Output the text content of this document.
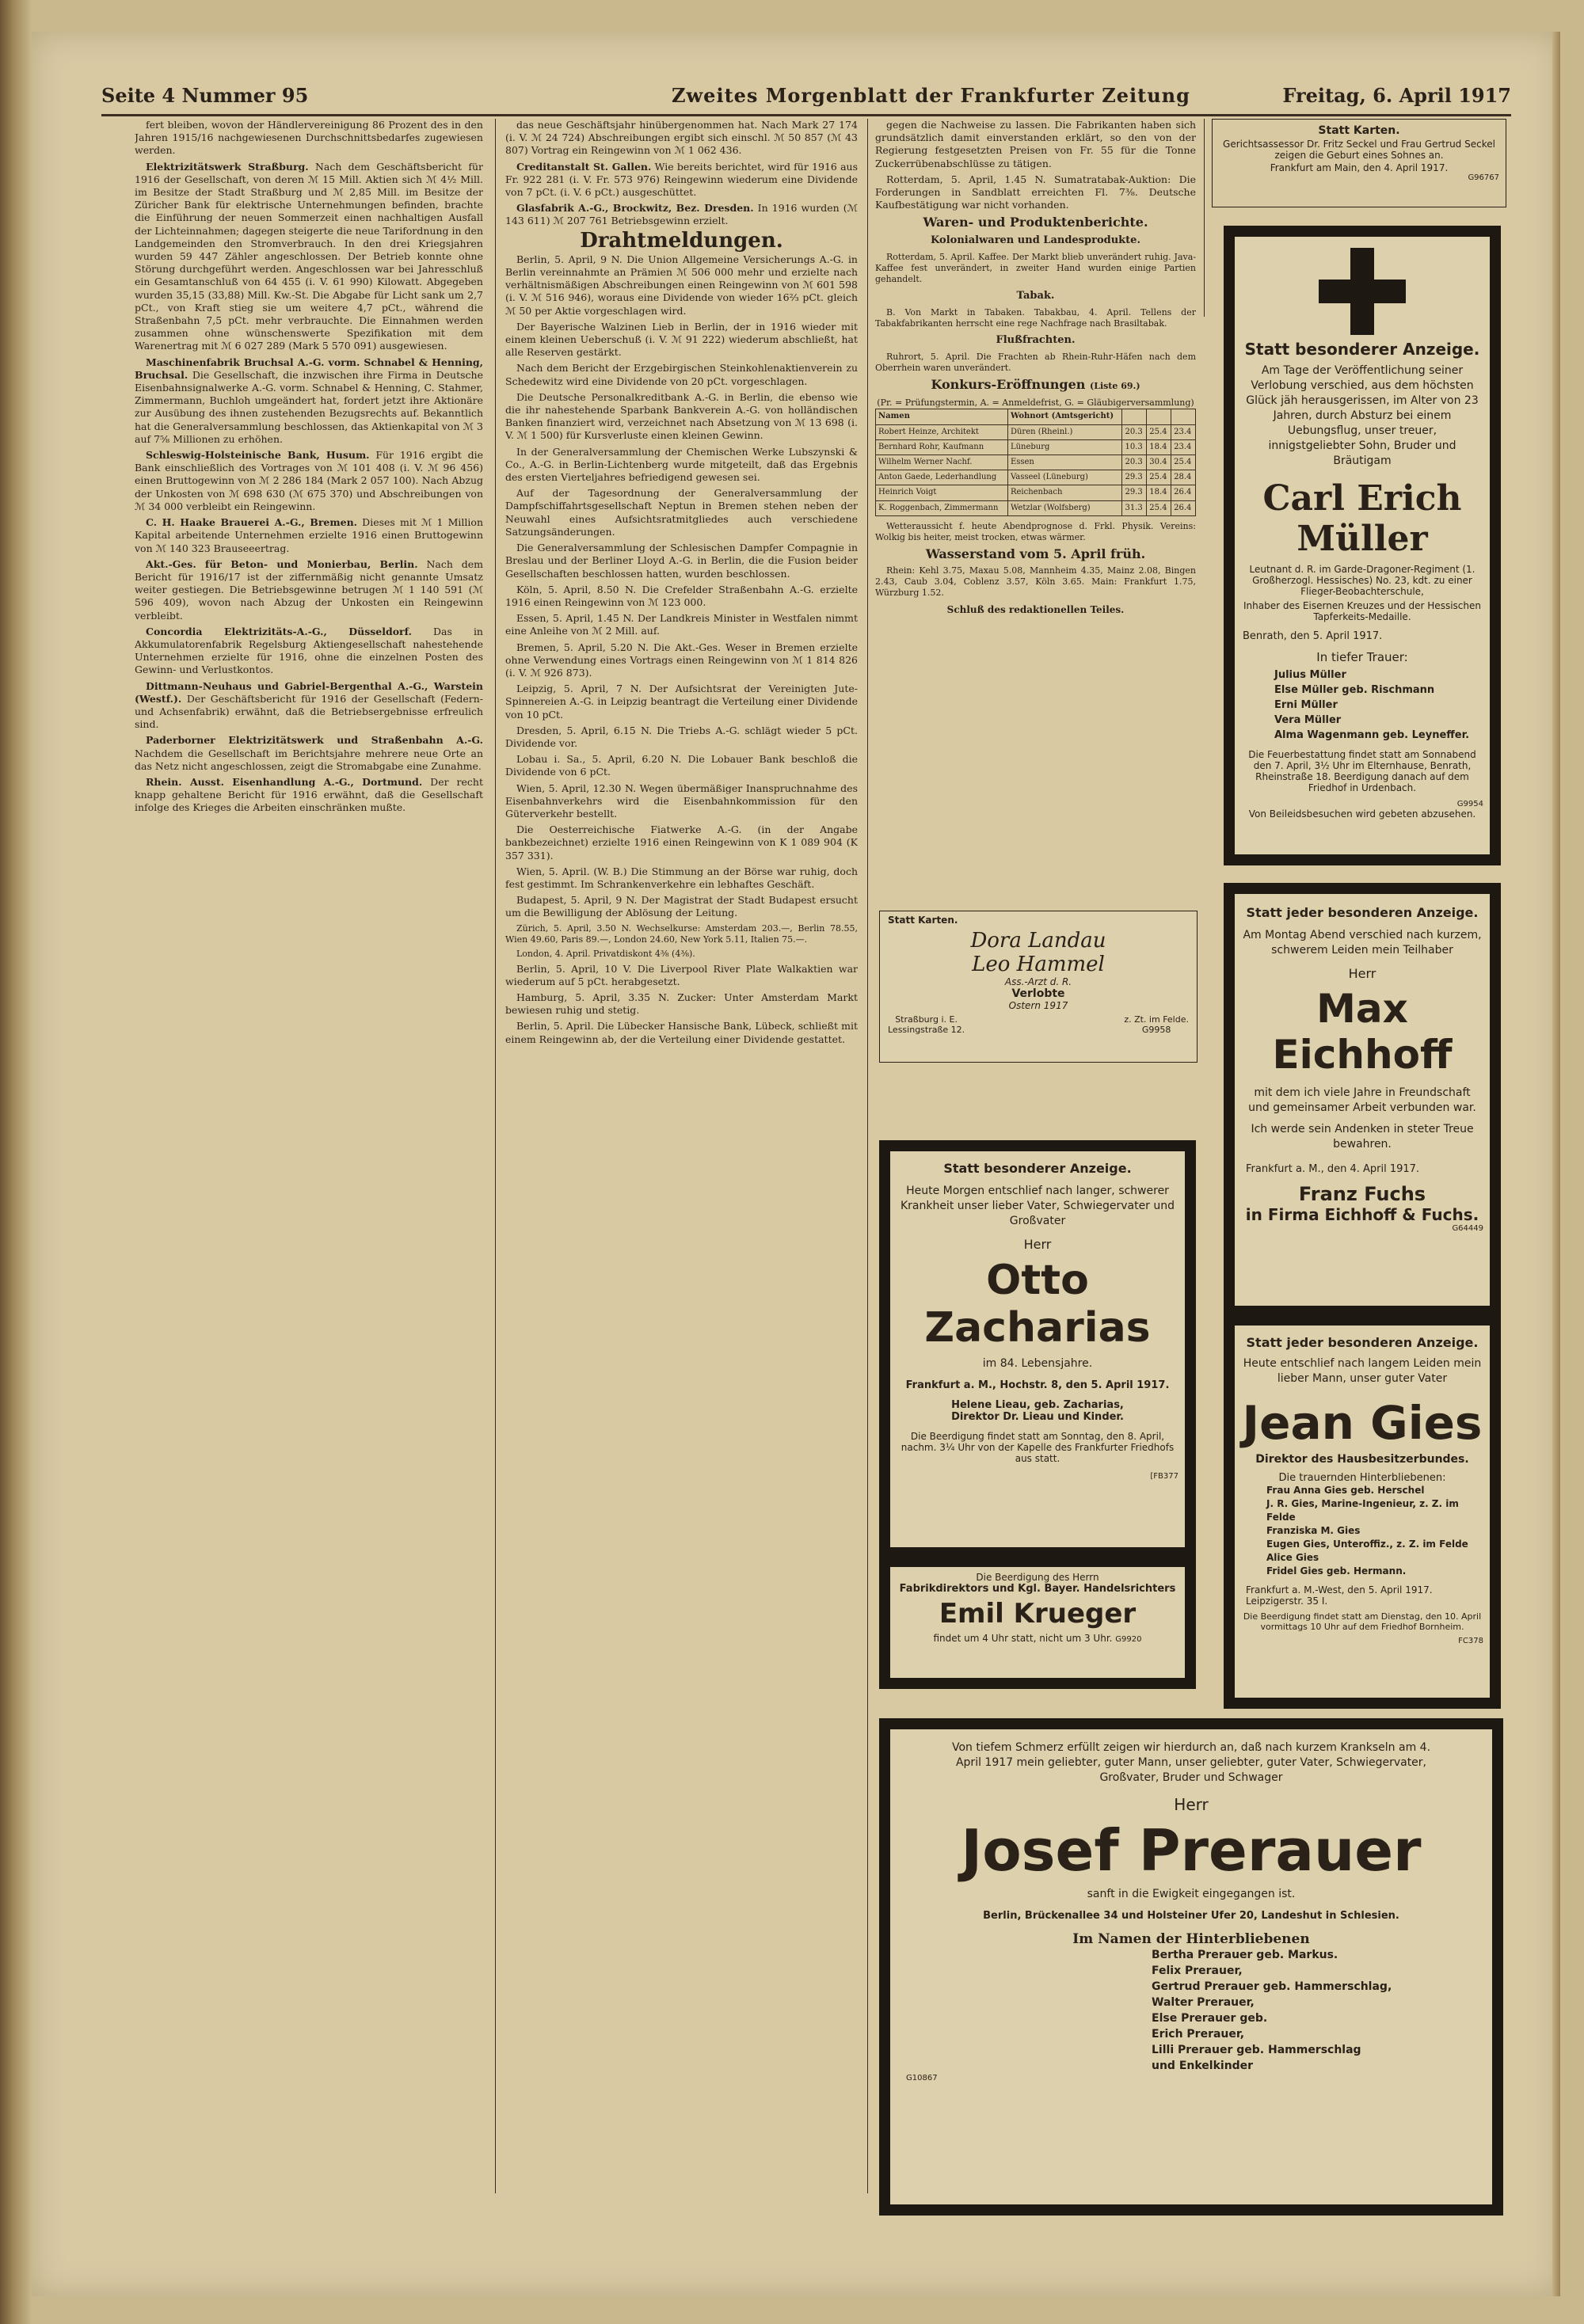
Seite 4 Nummer 95	Zweites Morgenblatt der Frankfurter Zeitung	Freitag, 6. April 1917

fert bleiben, wovon der Händlervereinigung 86 Prozent des in den Jahren 1915/16 nachgewiesenen Durchschnittsbedarfes zugewiesen werden.

Elektrizitätswerk Straßburg. Nach dem Geschäftsbericht für 1916 der Gesellschaft, von deren ℳ 15 Mill. Aktien sich ℳ 4½ Mill. im Besitze der Stadt Straßburg und ℳ 2,85 Mill. im Besitze der Züricher Bank für elektrische Unternehmungen befinden, brachte die Einführung der neuen Sommerzeit einen nachhaltigen Ausfall der Lichteinnahmen; dagegen steigerte die neue Tarifordnung in den Landgemeinden den Stromverbrauch. In den drei Kriegsjahren wurden 59 447 Zähler angeschlossen. Der Betrieb konnte ohne Störung durchgeführt werden. Angeschlossen war bei Jahresschluß ein Gesamtanschluß von 64 455 (i. V. 61 990) Kilowatt. Abgegeben wurden 35,15 (33,88) Mill. Kw.-St. Die Abgabe für Licht sank um 2,7 pCt., von Kraft stieg sie um weitere 4,7 pCt., während die Straßenbahn 7,5 pCt. mehr verbrauchte. Die Einnahmen werden zusammen ohne wünschenswerte Spezifikation mit dem Warenertrag mit ℳ 6 027 289 (Mark 5 570 091) ausgewiesen.

Maschinenfabrik Bruchsal A.-G. vorm. Schnabel & Henning, Bruchsal. Die Gesellschaft, die inzwischen ihre Firma in Deutsche Eisenbahnsignalwerke A.-G. vorm. Schnabel & Henning, C. Stahmer, Zimmermann, Buchloh umgeändert hat, fordert jetzt ihre Aktionäre zur Ausübung des ihnen zustehenden Bezugsrechts auf. Bekanntlich hat die Generalversammlung beschlossen, das Aktienkapital von ℳ 3 auf 7⅝ Millionen zu erhöhen.

Schleswig-Holsteinische Bank, Husum. Für 1916 ergibt die Bank einschließlich des Vortrages von ℳ 101 408 (i. V. ℳ 96 456) einen Bruttogewinn von ℳ 2 286 184 (Mark 2 057 100). Nach Abzug der Unkosten von ℳ 698 630 (ℳ 675 370) und Abschreibungen von ℳ 34 000 verbleibt ein Reingewinn.

C. H. Haake Brauerei A.-G., Bremen. Dieses mit ℳ 1 Million Kapital arbeitende Unternehmen erzielte 1916 einen Bruttogewinn von ℳ 140 323 Brauseeertrag.

Akt.-Ges. für Beton- und Monierbau, Berlin. Nach dem Bericht für 1916/17 ist der ziffernmäßig nicht genannte Umsatz weiter gestiegen. Die Betriebsgewinne betrugen ℳ 1 140 591 (ℳ 596 409), wovon nach Abzug der Unkosten ein Reingewinn verbleibt.

Concordia Elektrizitäts-A.-G., Düsseldorf. Das in Akkumulatorenfabrik Regelsburg Aktiengesellschaft nahestehende Unternehmen erzielte für 1916, ohne die einzelnen Posten des Gewinn- und Verlustkontos.

Dittmann-Neuhaus und Gabriel-Bergenthal A.-G., Warstein (Westf.). Der Geschäftsbericht für 1916 der Gesellschaft (Federn- und Achsenfabrik) erwähnt, daß die Betriebsergebnisse erfreulich sind.

Paderborner Elektrizitätswerk und Straßenbahn A.-G. Nachdem die Gesellschaft im Berichtsjahre mehrere neue Orte an das Netz nicht angeschlossen, zeigt die Stromabgabe eine Zunahme.

Rhein. Ausst. Eisenhandlung A.-G., Dortmund. Der recht knapp gehaltene Bericht für 1916 erwähnt, daß die Gesellschaft infolge des Krieges die Arbeiten einschränken mußte.

das neue Geschäftsjahr hinübergenommen hat. Nach Mark 27 174 (i. V. ℳ 24 724) Abschreibungen ergibt sich einschl. ℳ 50 857 (ℳ 43 807) Vortrag ein Reingewinn von ℳ 1 062 436.

Creditanstalt St. Gallen. Wie bereits berichtet, wird für 1916 aus Fr. 922 281 (i. V. Fr. 573 976) Reingewinn wiederum eine Dividende von 7 pCt. (i. V. 6 pCt.) ausgeschüttet.

Glasfabrik A.-G., Brockwitz, Bez. Dresden. In 1916 wurden (ℳ 143 611) ℳ 207 761 Betriebsgewinn erzielt.

Drahtmeldungen.

Berlin, 5. April, 9 N. Die Union Allgemeine Versicherungs A.-G. in Berlin vereinnahmte an Prämien ℳ 506 000 mehr und erzielte nach verhältnismäßigen Abschreibungen einen Reingewinn von ℳ 601 598 (i. V. ℳ 516 946), woraus eine Dividende von wieder 16⅔ pCt. gleich ℳ 50 per Aktie vorgeschlagen wird.

Der Bayerische Walzinen Lieb in Berlin, der in 1916 wieder mit einem kleinen Ueberschuß (i. V. ℳ 91 222) wiederum abschließt, hat alle Reserven gestärkt.

Nach dem Bericht der Erzgebirgischen Steinkohlenaktienverein zu Schedewitz wird eine Dividende von 20 pCt. vorgeschlagen.

Die Deutsche Personalkreditbank A.-G. in Berlin, die ebenso wie die ihr nahestehende Sparbank Bankverein A.-G. von holländischen Banken finanziert wird, verzeichnet nach Absetzung von ℳ 13 698 (i. V. ℳ 1 500) für Kursverluste einen kleinen Gewinn.

In der Generalversammlung der Chemischen Werke Lubszynski & Co., A.-G. in Berlin-Lichtenberg wurde mitgeteilt, daß das Ergebnis des ersten Vierteljahres befriedigend gewesen sei.

Auf der Tagesordnung der Generalversammlung der Dampfschiffahrtsgesellschaft Neptun in Bremen stehen neben der Neuwahl eines Aufsichtsratmitgliedes auch verschiedene Satzungsänderungen.

Die Generalversammlung der Schlesischen Dampfer Compagnie in Breslau und der Berliner Lloyd A.-G. in Berlin, die die Fusion beider Gesellschaften beschlossen hatten, wurden beschlossen.

Köln, 5. April, 8.50 N. Die Crefelder Straßenbahn A.-G. erzielte 1916 einen Reingewinn von ℳ 123 000.

Essen, 5. April, 1.45 N. Der Landkreis Minister in Westfalen nimmt eine Anleihe von ℳ 2 Mill. auf.

Bremen, 5. April, 5.20 N. Die Akt.-Ges. Weser in Bremen erzielte ohne Verwendung eines Vortrags einen Reingewinn von ℳ 1 814 826 (i. V. ℳ 926 873).

Leipzig, 5. April, 7 N. Der Aufsichtsrat der Vereinigten Jute-Spinnereien A.-G. in Leipzig beantragt die Verteilung einer Dividende von 10 pCt.

Dresden, 5. April, 6.15 N. Die Triebs A.-G. schlägt wieder 5 pCt. Dividende vor.

Lobau i. Sa., 5. April, 6.20 N. Die Lobauer Bank beschloß die Dividende von 6 pCt.

Wien, 5. April, 12.30 N. Wegen übermäßiger Inanspruchnahme des Eisenbahnverkehrs wird die Eisenbahnkommission für den Güterverkehr bestellt.

Die Oesterreichische Fiatwerke A.-G. (in der Angabe bankbezeichnet) erzielte 1916 einen Reingewinn von K 1 089 904 (K 357 331).

Wien, 5. April. (W. B.) Die Stimmung an der Börse war ruhig, doch fest gestimmt. Im Schrankenverkehre ein lebhaftes Geschäft.

Budapest, 5. April, 9 N. Der Magistrat der Stadt Budapest ersucht um die Bewilligung der Ablösung der Leitung.

Zürich, 5. April, 3.50 N. Wechselkurse: Amsterdam 203.—, Berlin 78.55, Wien 49.60, Paris 89.—, London 24.60, New York 5.11, Italien 75.—.

London, 4. April. Privatdiskont 4⅜ (4⅜).

Berlin, 5. April, 10 V. Die Liverpool River Plate Walkaktien war wiederum auf 5 pCt. herabgesetzt.

Hamburg, 5. April, 3.35 N. Zucker: Unter Amsterdam Markt bewiesen ruhig und stetig.

Berlin, 5. April. Die Lübecker Hansische Bank, Lübeck, schließt mit einem Reingewinn ab, der die Verteilung einer Dividende gestattet.

gegen die Nachweise zu lassen. Die Fabrikanten haben sich grundsätzlich damit einverstanden erklärt, so den von der Regierung festgesetzten Preisen von Fr. 55 für die Tonne Zuckerrübenabschlüsse zu tätigen.

Rotterdam, 5. April, 1.45 N. Sumatratabak-Auktion: Die Forderungen in Sandblatt erreichten Fl. 7⅜. Deutsche Kaufbestätigung war nicht vorhanden.

Waren- und Produktenberichte.
Kolonialwaren und Landesprodukte.

Rotterdam, 5. April. Kaffee. Der Markt blieb unverändert ruhig. Java-Kaffee fest unverändert, in zweiter Hand wurden einige Partien gehandelt.

Tabak.

B. Von Markt in Tabaken. Tabakbau, 4. April. Tellens der Tabakfabrikanten herrscht eine rege Nachfrage nach Brasiltabak.

Flußfrachten.

Ruhrort, 5. April. Die Frachten ab Rhein-Ruhr-Häfen nach dem Oberrhein waren unverändert.

Konkurs-Eröffnungen (Liste 69.)
(Pr. = Prüfungstermin, A. = Anmeldefrist, G. = Gläubigerversammlung)
Namen	Wohnort (Amtsgericht)			
Robert Heinze, Architekt	Düren (Rheinl.)	20.3	25.4	23.4
Bernhard Rohr, Kaufmann	Lüneburg	10.3	18.4	23.4
Wilhelm Werner Nachf.	Essen	20.3	30.4	25.4
Anton Gaede, Lederhandlung	Vasseel (Lüneburg)	29.3	25.4	28.4
Heinrich Voigt	Reichenbach	29.3	18.4	26.4
K. Roggenbach, Zimmermann	Wetzlar (Wolfsberg)	31.3	25.4	26.4

Wetteraussicht f. heute Abendprognose d. Frkl. Physik. Vereins: Wolkig bis heiter, meist trocken, etwas wärmer.

Wasserstand vom 5. April früh.

Rhein: Kehl 3.75, Maxau 5.08, Mannheim 4.35, Mainz 2.08, Bingen 2.43, Caub 3.04, Coblenz 3.57, Köln 3.65. Main: Frankfurt 1.75, Würzburg 1.52.

Schluß des redaktionellen Teiles.
Statt Karten.
Gerichtsassessor Dr. Fritz Seckel und Frau Gertrud Seckel zeigen die Geburt eines Sohnes an.
Frankfurt am Main, den 4. April 1917.
G96767
Statt besonderer Anzeige.
Am Tage der Veröffentlichung seiner Verlobung verschied, aus dem höchsten Glück jäh herausgerissen, im Alter von 23 Jahren, durch Absturz bei einem Uebungsflug, unser treuer, innigstgeliebter Sohn, Bruder und Bräutigam
Carl Erich Müller
Leutnant d. R. im Garde-Dragoner-Regiment (1. Großherzogl. Hessisches) No. 23, kdt. zu einer Flieger-Beobachterschule,
Inhaber des Eisernen Kreuzes und der Hessischen Tapferkeits-Medaille.
Benrath, den 5. April 1917.
In tiefer Trauer:
Julius Müller
Else Müller geb. Rischmann
Erni Müller
Vera Müller
Alma Wagenmann geb. Leyneffer.
Die Feuerbestattung findet statt am Sonnabend den 7. April, 3½ Uhr im Elternhause, Benrath, Rheinstraße 18. Beerdigung danach auf dem Friedhof in Urdenbach.
G9954
Von Beileidsbesuchen wird gebeten abzusehen.
Statt Karten.
Dora Landau
Leo Hammel
Ass.-Arzt d. R.
Verlobte
Ostern 1917
Straßburg i. E.
Lessingstraße 12.
z. Zt. im Felde.
G9958
Statt jeder besonderen Anzeige.
Am Montag Abend verschied nach kurzem, schwerem Leiden mein Teilhaber
Herr
Max Eichhoff
mit dem ich viele Jahre in Freundschaft und gemeinsamer Arbeit verbunden war.
Ich werde sein Andenken in steter Treue bewahren.
Frankfurt a. M., den 4. April 1917.
Franz Fuchs
in Firma Eichhoff & Fuchs.
G64449
Statt besonderer Anzeige.
Heute Morgen entschlief nach langer, schwerer Krankheit unser lieber Vater, Schwiegervater und Großvater
Herr
Otto Zacharias
im 84. Lebensjahre.
Frankfurt a. M., Hochstr. 8, den 5. April 1917.
Helene Lieau, geb. Zacharias,
Direktor Dr. Lieau und Kinder.
Die Beerdigung findet statt am Sonntag, den 8. April, nachm. 3¼ Uhr von der Kapelle des Frankfurter Friedhofs aus statt.
[FB377
Statt jeder besonderen Anzeige.
Heute entschlief nach langem Leiden mein lieber Mann, unser guter Vater
Jean Gies
Direktor des Hausbesitzerbundes.
Die trauernden Hinterbliebenen:
Frau Anna Gies geb. Herschel
J. R. Gies, Marine-Ingenieur, z. Z. im Felde
Franziska M. Gies
Eugen Gies, Unteroffiz., z. Z. im Felde
Alice Gies
Fridel Gies geb. Hermann.
Frankfurt a. M.-West, den 5. April 1917.
Leipzigerstr. 35 I.
Die Beerdigung findet statt am Dienstag, den 10. April vormittags 10 Uhr auf dem Friedhof Bornheim.
FC378
Die Beerdigung des Herrn
Fabrikdirektors und Kgl. Bayer. Handelsrichters
Emil Krueger
findet um 4 Uhr statt, nicht um 3 Uhr. G9920
Von tiefem Schmerz erfüllt zeigen wir hierdurch an, daß nach kurzem Krankseln am 4. April 1917 mein geliebter, guter Mann, unser geliebter, guter Vater, Schwiegervater, Großvater, Bruder und Schwager
Herr
Josef Prerauer
sanft in die Ewigkeit eingegangen ist.
Berlin, Brückenallee 34 und Holsteiner Ufer 20, Landeshut in Schlesien.
Im Namen der Hinterbliebenen
Bertha Prerauer geb. Markus.
Felix Prerauer,
Gertrud Prerauer geb. Hammerschlag,
Walter Prerauer,
Else Prerauer geb.
Erich Prerauer,
Lilli Prerauer geb. Hammerschlag
und Enkelkinder
G10867
